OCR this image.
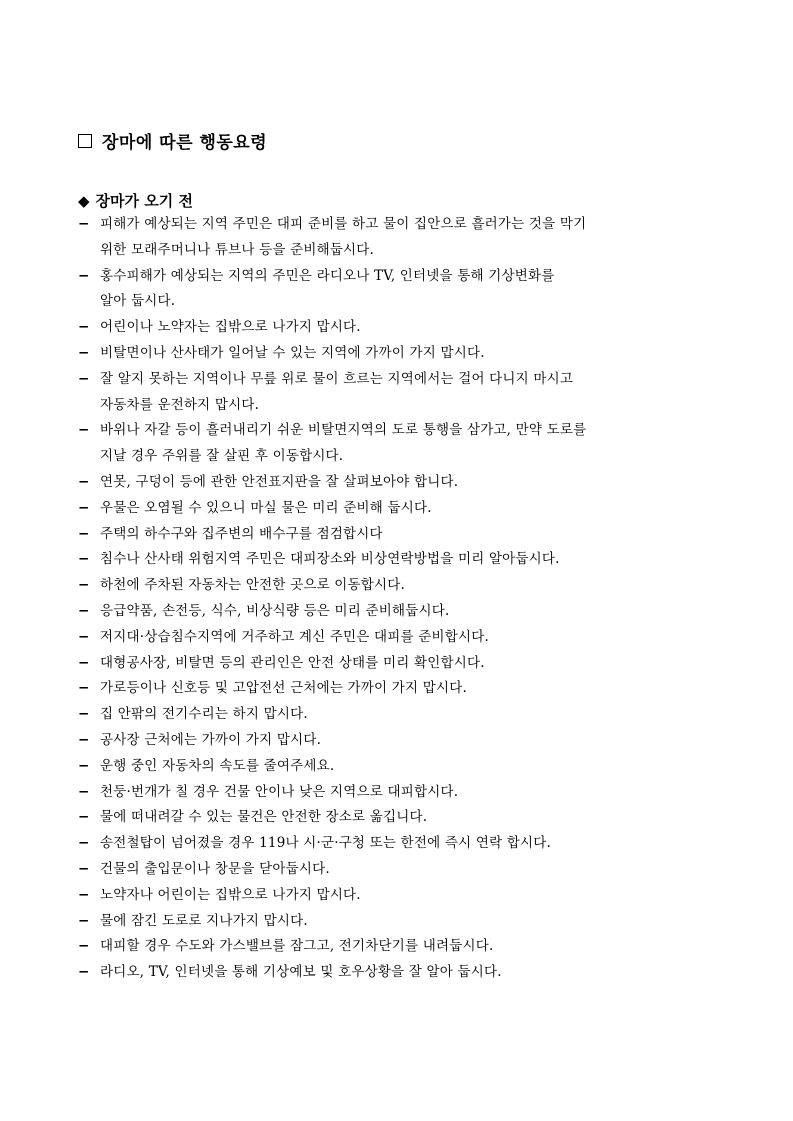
장마에 따른 행동요령
◆ 장마가 오기 전
− 피해가 예상되는 지역 주민은 대피 준비를 하고 물이 집안으로 흘러가는 것을 막기
위한 모래주머니나 튜브나 등을 준비해둡시다.
− 홍수피해가 예상되는 지역의 주민은 라디오나 TV, 인터넷을 통해 기상변화를
알아 둡시다.
− 어린이나 노약자는 집밖으로 나가지 맙시다.
− 비탈면이나 산사태가 일어날 수 있는 지역에 가까이 가지 맙시다.
− 잘 알지 못하는 지역이나 무릎 위로 물이 흐르는 지역에서는 걸어 다니지 마시고
자동차를 운전하지 맙시다.
− 바위나 자갈 등이 흘러내리기 쉬운 비탈면지역의 도로 통행을 삼가고, 만약 도로를
지날 경우 주위를 잘 살핀 후 이동합시다.
− 연못, 구덩이 등에 관한 안전표지판을 잘 살펴보아야 합니다.
− 우물은 오염될 수 있으니 마실 물은 미리 준비해 둡시다.
− 주택의 하수구와 집주변의 배수구를 점검합시다
− 침수나 산사태 위험지역 주민은 대피장소와 비상연락방법을 미리 알아둡시다.
− 하천에 주차된 자동차는 안전한 곳으로 이동합시다.
− 응급약품, 손전등, 식수, 비상식량 등은 미리 준비해둡시다.
− 저지대·상습침수지역에 거주하고 계신 주민은 대피를 준비합시다.
− 대형공사장, 비탈면 등의 관리인은 안전 상태를 미리 확인합시다.
− 가로등이나 신호등 및 고압전선 근처에는 가까이 가지 맙시다.
− 집 안팎의 전기수리는 하지 맙시다.
− 공사장 근처에는 가까이 가지 맙시다.
− 운행 중인 자동차의 속도를 줄여주세요.
− 천둥·번개가 칠 경우 건물 안이나 낮은 지역으로 대피합시다.
− 물에 떠내려갈 수 있는 물건은 안전한 장소로 옮깁니다.
− 송전철탑이 넘어졌을 경우 119나 시·군·구청 또는 한전에 즉시 연락 합시다.
− 건물의 출입문이나 창문을 닫아둡시다.
− 노약자나 어린이는 집밖으로 나가지 맙시다.
− 물에 잠긴 도로로 지나가지 맙시다.
− 대피할 경우 수도와 가스밸브를 잠그고, 전기차단기를 내려둡시다.
− 라디오, TV, 인터넷을 통해 기상예보 및 호우상황을 잘 알아 둡시다.
